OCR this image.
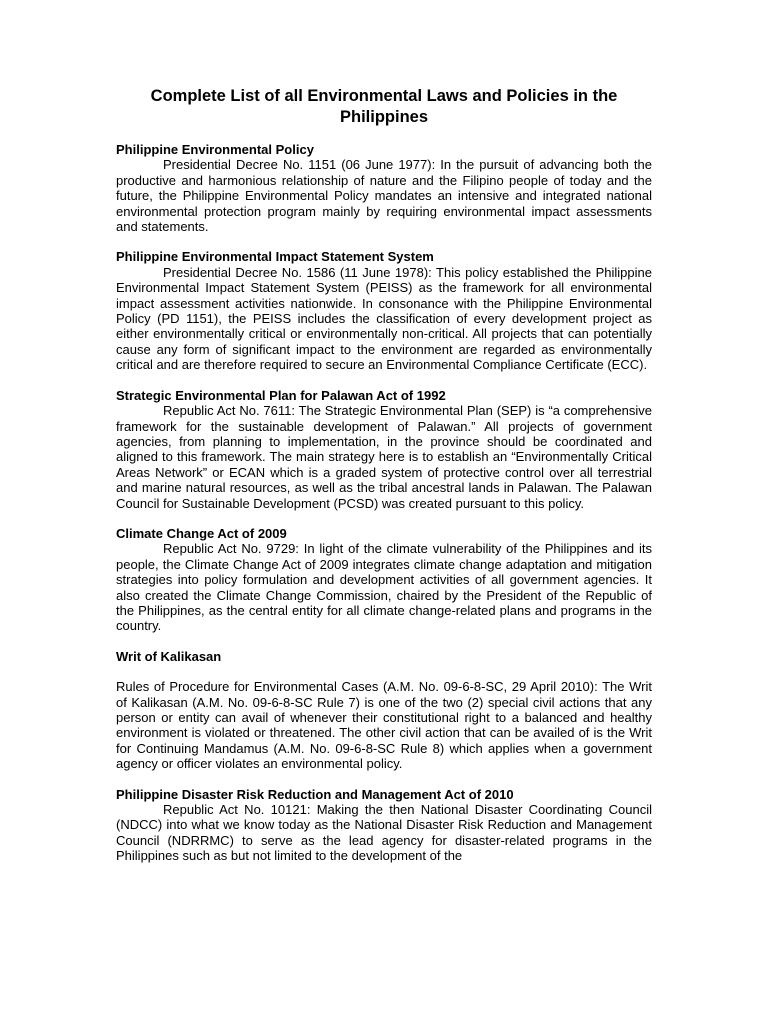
Complete List of all Environmental Laws and Policies in the Philippines

Philippine Environmental Policy

Presidential Decree No. 1151 (06 June 1977): In the pursuit of advancing both the productive and harmonious relationship of nature and the Filipino people of today and the future, the Philippine Environmental Policy mandates an intensive and integrated national environmental protection program mainly by requiring environmental impact assessments and statements.

Philippine Environmental Impact Statement System

Presidential Decree No. 1586 (11 June 1978): This policy established the Philippine Environmental Impact Statement System (PEISS) as the framework for all environmental impact assessment activities nationwide. In consonance with the Philippine Environmental Policy (PD 1151), the PEISS includes the classification of every development project as either environmentally critical or environmentally non-critical. All projects that can potentially cause any form of significant impact to the environment are regarded as environmentally critical and are therefore required to secure an Environmental Compliance Certificate (ECC).

Strategic Environmental Plan for Palawan Act of 1992

Republic Act No. 7611: The Strategic Environmental Plan (SEP) is “a comprehensive framework for the sustainable development of Palawan.” All projects of government agencies, from planning to implementation, in the province should be coordinated and aligned to this framework. The main strategy here is to establish an “Environmentally Critical Areas Network” or ECAN which is a graded system of protective control over all terrestrial and marine natural resources, as well as the tribal ancestral lands in Palawan. The Palawan Council for Sustainable Development (PCSD) was created pursuant to this policy.

Climate Change Act of 2009

Republic Act No. 9729: In light of the climate vulnerability of the Philippines and its people, the Climate Change Act of 2009 integrates climate change adaptation and mitigation strategies into policy formulation and development activities of all government agencies. It also created the Climate Change Commission, chaired by the President of the Republic of the Philippines, as the central entity for all climate change-related plans and programs in the country.

Writ of Kalikasan

Rules of Procedure for Environmental Cases (A.M. No. 09-6-8-SC, 29 April 2010): The Writ of Kalikasan (A.M. No. 09-6-8-SC Rule 7) is one of the two (2) special civil actions that any person or entity can avail of whenever their constitutional right to a balanced and healthy environment is violated or threatened. The other civil action that can be availed of is the Writ for Continuing Mandamus (A.M. No. 09-6-8-SC Rule 8) which applies when a government agency or officer violates an environmental policy.

Philippine Disaster Risk Reduction and Management Act of 2010

Republic Act No. 10121: Making the then National Disaster Coordinating Council (NDCC) into what we know today as the National Disaster Risk Reduction and Management Council (NDRRMC) to serve as the lead agency for disaster-related programs in the Philippines such as but not limited to the development of the
